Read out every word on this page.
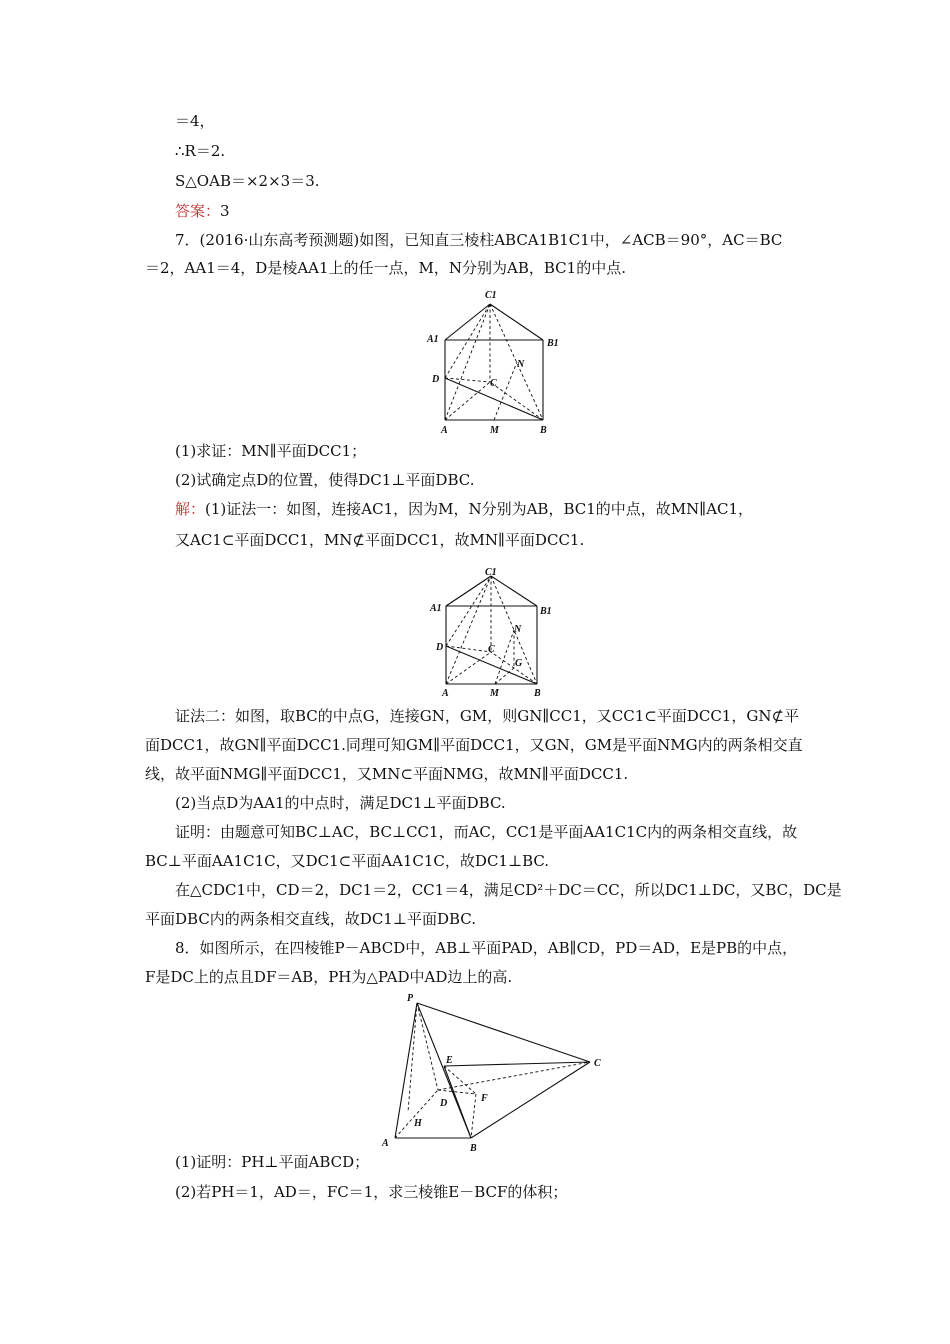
＝4，
∴R＝2.
S△OAB＝×2×3＝3.
答案：3
7．(2016·山东高考预测题)如图，已知直三棱柱ABCA1B1C1中，∠ACB＝90°，AC＝BC
＝2，AA1＝4，D是棱AA1上的任一点，M，N分别为AB，BC1的中点.
(1)求证：MN∥平面DCC1；
(2)试确定点D的位置，使得DC1⊥平面DBC.
解：(1)证法一：如图，连接AC1，因为M，N分别为AB，BC1的中点，故MN∥AC1，
又AC1⊂平面DCC1，MN⊄平面DCC1，故MN∥平面DCC1.
证法二：如图，取BC的中点G，连接GN，GM，则GN∥CC1，又CC1⊂平面DCC1，GN⊄平
面DCC1，故GN∥平面DCC1.同理可知GM∥平面DCC1，又GN，GM是平面NMG内的两条相交直
线，故平面NMG∥平面DCC1，又MN⊂平面NMG，故MN∥平面DCC1.
(2)当点D为AA1的中点时，满足DC1⊥平面DBC.
证明：由题意可知BC⊥AC，BC⊥CC1，而AC，CC1是平面AA1C1C内的两条相交直线，故
BC⊥平面AA1C1C，又DC1⊂平面AA1C1C，故DC1⊥BC.
在△CDC1中，CD＝2，DC1＝2，CC1＝4，满足CD²＋DC＝CC，所以DC1⊥DC，又BC，DC是
平面DBC内的两条相交直线，故DC1⊥平面DBC.
8．如图所示，在四棱锥P－ABCD中，AB⊥平面PAD，AB∥CD，PD＝AD，E是PB的中点，
F是DC上的点且DF＝AB，PH为△PAD中AD边上的高.
(1)证明：PH⊥平面ABCD；
(2)若PH＝1，AD＝，FC＝1，求三棱锥E－BCF的体积；
C1
A1	B1
N
D	C
A	M	B
C1
A1	B1
N
D	C
G
A	M	B
P
E
D	F
C
H
A	B
